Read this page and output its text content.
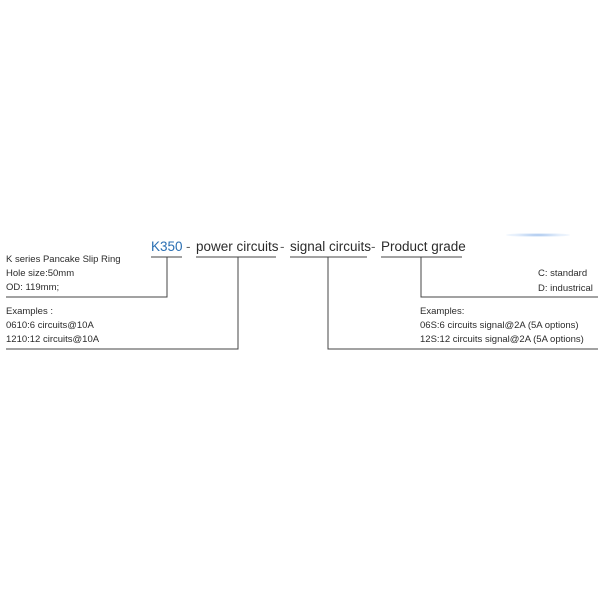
K350 - power circuits - signal circuits - Product grade
K series Pancake Slip Ring
Hole size:50mm
OD: 119mm;
Examples :
0610:6 circuits@10A
1210:12 circuits@10A
C: standard
D: industrical
Examples:
06S:6 circuits signal@2A (5A options)
12S:12 circuits signal@2A (5A options)
